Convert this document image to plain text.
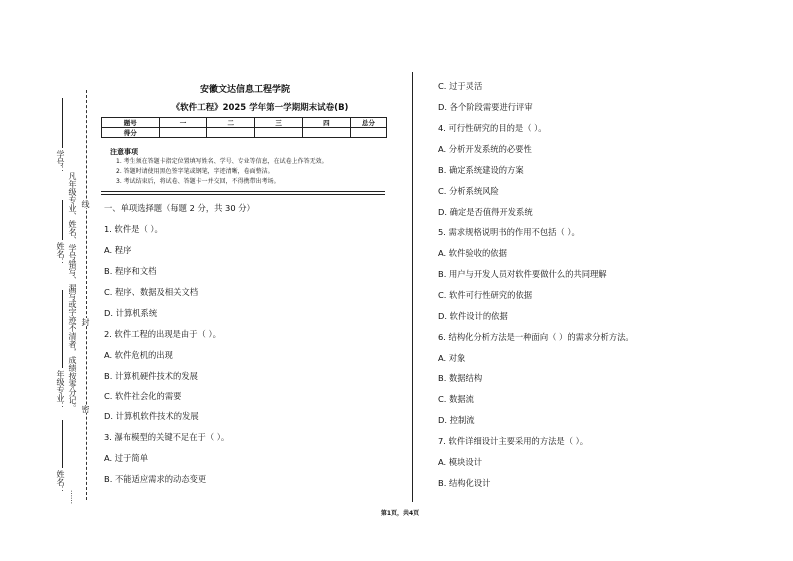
学号：
姓名：
年级专业：
姓名：
凡年级专业、姓名、学号错写、漏写或字迹不清者，成绩按零分记。
……
线
封
密
安徽文达信息工程学院
《软件工程》2025 学年第一学期期末试卷(B)
题号	一	二	三	四	总分
得分					
注意事项
1. 考生须在答题卡指定位置填写姓名、学号、专业等信息，在试卷上作答无效。
2. 答题时请使用黑色签字笔或钢笔，字迹清晰，卷面整洁。
3. 考试结束后，将试卷、答题卡一并交回，不得携带出考场。
一、单项选择题（每题 2 分，共 30 分）
1. 软件是（ ）。
A. 程序
B. 程序和文档
C. 程序、数据及相关文档
D. 计算机系统
2. 软件工程的出现是由于（ ）。
A. 软件危机的出现
B. 计算机硬件技术的发展
C. 软件社会化的需要
D. 计算机软件技术的发展
3. 瀑布模型的关键不足在于（ ）。
A. 过于简单
B. 不能适应需求的动态变更
C. 过于灵活
D. 各个阶段需要进行评审
4. 可行性研究的目的是（ ）。
A. 分析开发系统的必要性
B. 确定系统建设的方案
C. 分析系统风险
D. 确定是否值得开发系统
5. 需求规格说明书的作用不包括（ ）。
A. 软件验收的依据
B. 用户与开发人员对软件要做什么的共同理解
C. 软件可行性研究的依据
D. 软件设计的依据
6. 结构化分析方法是一种面向（ ）的需求分析方法。
A. 对象
B. 数据结构
C. 数据流
D. 控制流
7. 软件详细设计主要采用的方法是（ ）。
A. 模块设计
B. 结构化设计
第1页，共4页
